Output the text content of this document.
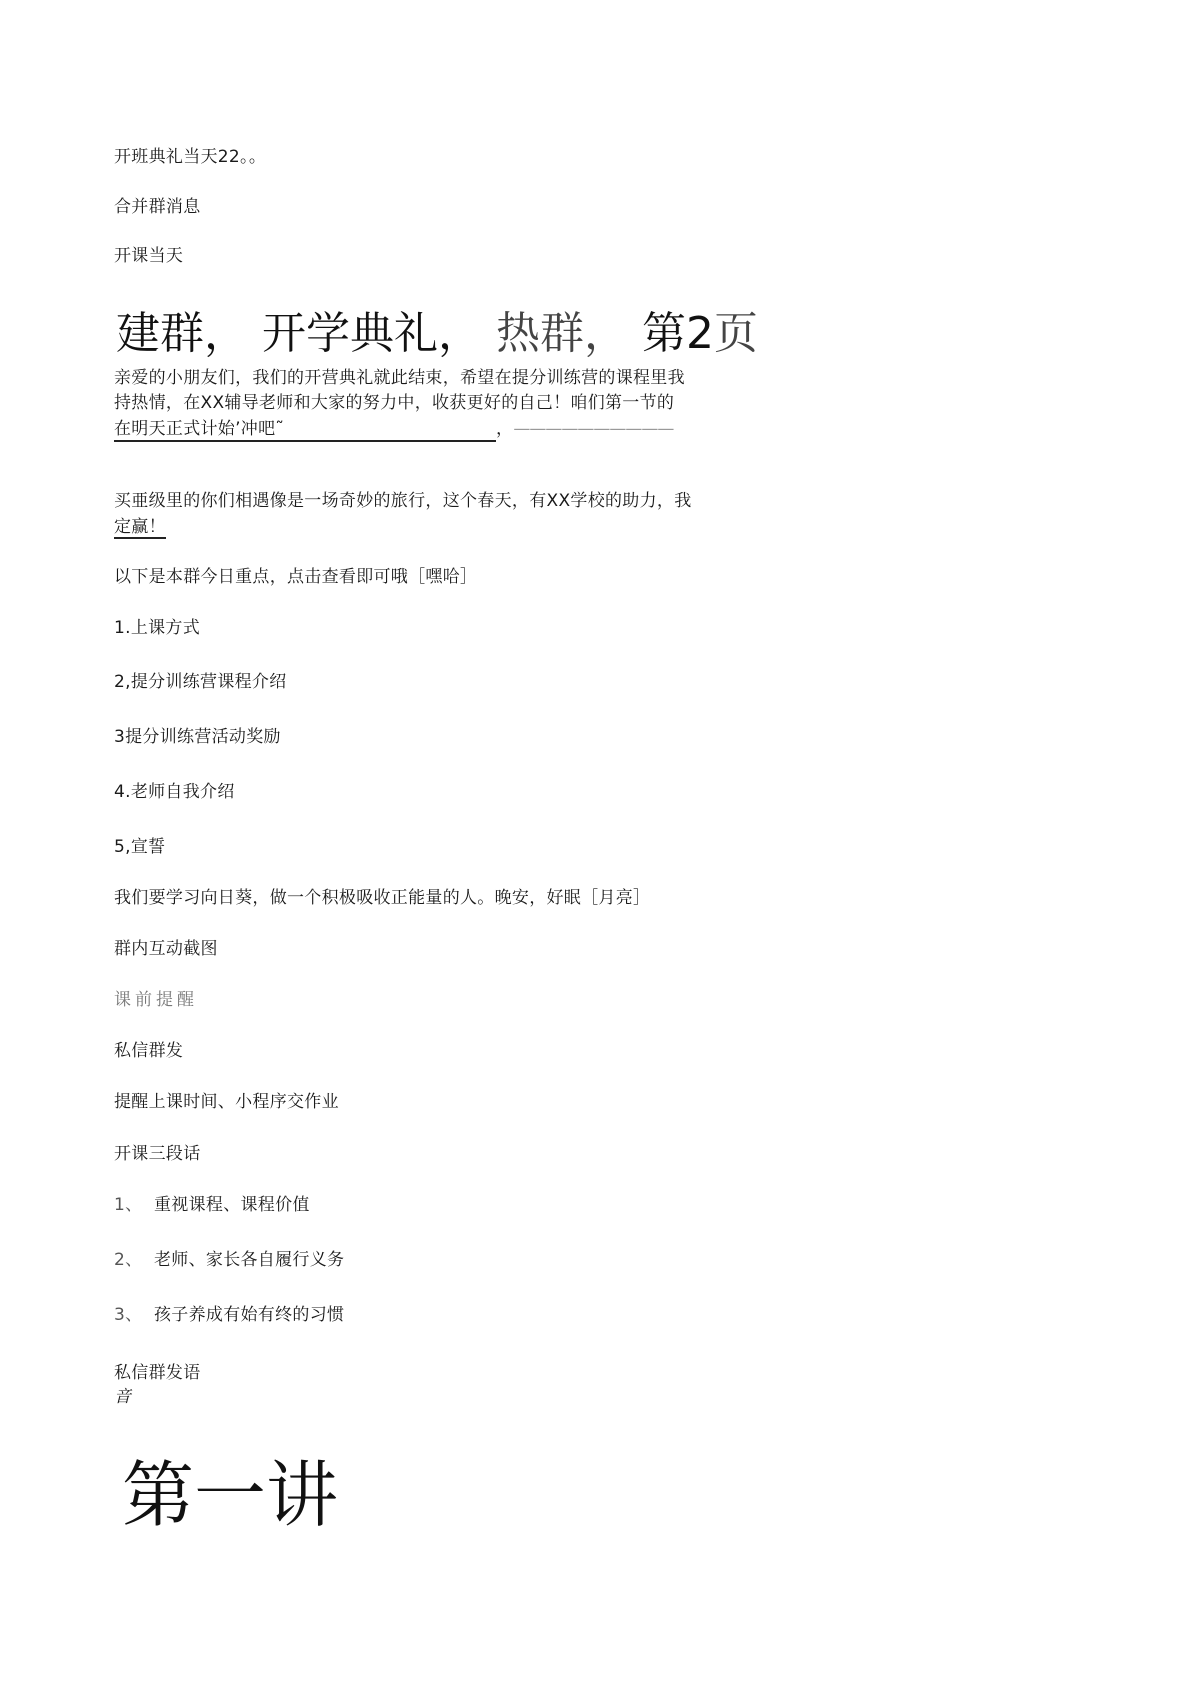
开班典礼当天22。。
合并群消息
开课当天
建群， 开学典礼， 热群， 第2页
亲爱的小朋友们，我们的开营典礼就此结束，希望在提分训练营的课程里我
持热情，在XX辅导老师和大家的努力中，收获更好的自己！咱们第一节的
在明天正式计始’冲吧˜	，——————————
买亜级里的你们相遇像是一场奇妙的旅行，这个春天，有XX学校的助力，我
定赢！
以下是本群今日重点，点击查看即可哦［嘿哈］
1.上课方式
2,提分训练营课程介绍
3提分训练营活动奖励
4.老师自我介绍
5,宣誓
我们要学习向日葵，做一个积极吸收正能量的人。晚安，好眠［月亮］
群内互动截图
课前提醒
私信群发
提醒上课时间、小程序交作业
开课三段话
1、 重视课程、课程价值
2、 老师、家长各自履行义务
3、 孩子养成有始有终的习惯
私信群发语
音
第一讲
